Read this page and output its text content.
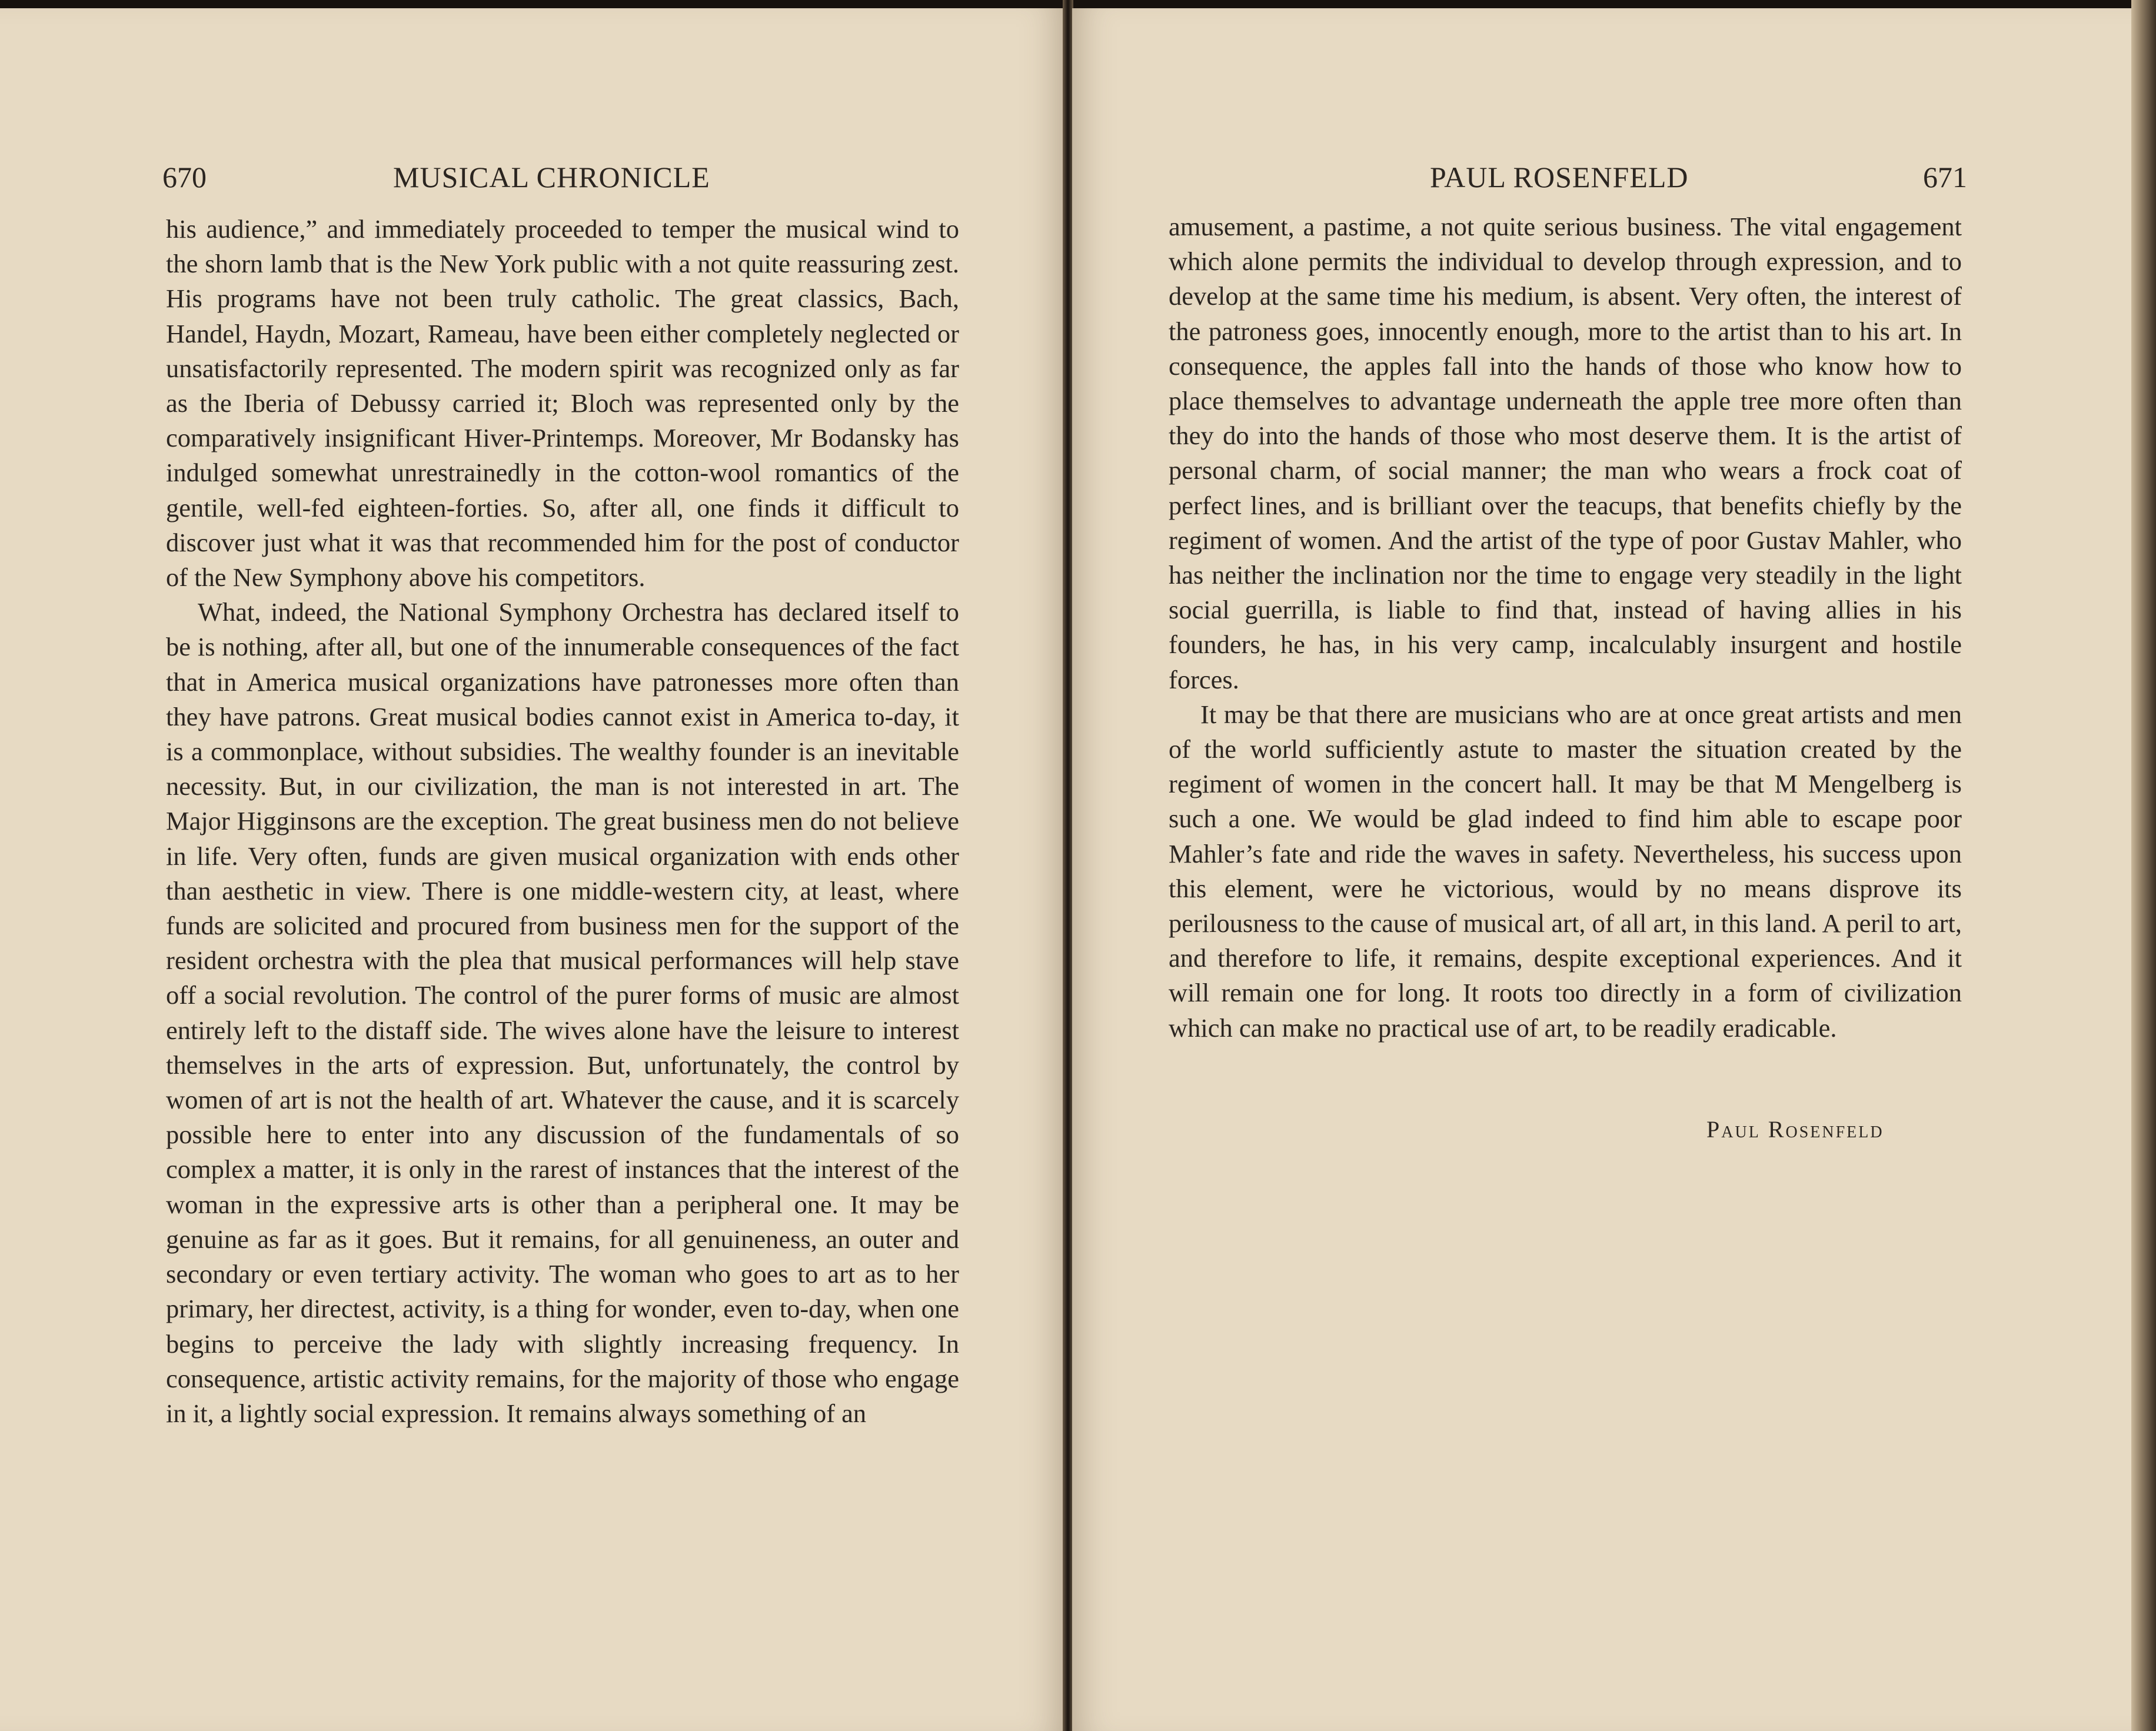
670	MUSICAL CHRONICLE

his audience,” and immediately proceeded to temper the musical wind to the shorn lamb that is the New York public with a not quite reassuring zest. His programs have not been truly catholic. The great classics, Bach, Handel, Haydn, Mozart, Rameau, have been either completely neglected or unsatisfactorily represented. The modern spirit was recognized only as far as the Iberia of Debussy carried it; Bloch was represented only by the comparatively insignificant Hiver-Printemps. Moreover, Mr Bodansky has indulged somewhat unrestrainedly in the cotton-wool romantics of the gentile, well-fed eighteen-forties. So, after all, one finds it difficult to discover just what it was that recommended him for the post of conductor of the New Symphony above his competitors.

What, indeed, the National Symphony Orchestra has declared itself to be is nothing, after all, but one of the innumerable consequences of the fact that in America musical organizations have patronesses more often than they have patrons. Great musical bodies cannot exist in America to-day, it is a commonplace, without subsidies. The wealthy founder is an inevitable necessity. But, in our civilization, the man is not interested in art. The Major Higginsons are the exception. The great business men do not believe in life. Very often, funds are given musical organization with ends other than aesthetic in view. There is one middle-western city, at least, where funds are solicited and procured from business men for the support of the resident orchestra with the plea that musical performances will help stave off a social revolution. The control of the purer forms of music are almost entirely left to the distaff side. The wives alone have the leisure to interest themselves in the arts of expression. But, unfortunately, the control by women of art is not the health of art. Whatever the cause, and it is scarcely possible here to enter into any discussion of the fundamentals of so complex a matter, it is only in the rarest of instances that the interest of the woman in the expressive arts is other than a peripheral one. It may be genuine as far as it goes. But it remains, for all genuineness, an outer and secondary or even tertiary activity. The woman who goes to art as to her primary, her directest, activity, is a thing for wonder, even to-day, when one begins to perceive the lady with slightly increasing frequency. In consequence, artistic activity remains, for the majority of those who engage in it, a lightly social expression. It remains always something of an

PAUL ROSENFELD	671

amusement, a pastime, a not quite serious business. The vital engagement which alone permits the individual to develop through expression, and to develop at the same time his medium, is absent. Very often, the interest of the patroness goes, innocently enough, more to the artist than to his art. In consequence, the apples fall into the hands of those who know how to place themselves to advantage underneath the apple tree more often than they do into the hands of those who most deserve them. It is the artist of personal charm, of social manner; the man who wears a frock coat of perfect lines, and is brilliant over the teacups, that benefits chiefly by the regiment of women. And the artist of the type of poor Gustav Mahler, who has neither the inclination nor the time to engage very steadily in the light social guerrilla, is liable to find that, instead of having allies in his founders, he has, in his very camp, incalculably insurgent and hostile forces.

It may be that there are musicians who are at once great artists and men of the world sufficiently astute to master the situation created by the regiment of women in the concert hall. It may be that M Mengelberg is such a one. We would be glad indeed to find him able to escape poor Mahler’s fate and ride the waves in safety. Nevertheless, his success upon this element, were he victorious, would by no means disprove its perilousness to the cause of musical art, of all art, in this land. A peril to art, and therefore to life, it remains, despite exceptional experiences. And it will remain one for long. It roots too directly in a form of civilization which can make no practical use of art, to be readily eradicable.

Paul Rosenfeld
